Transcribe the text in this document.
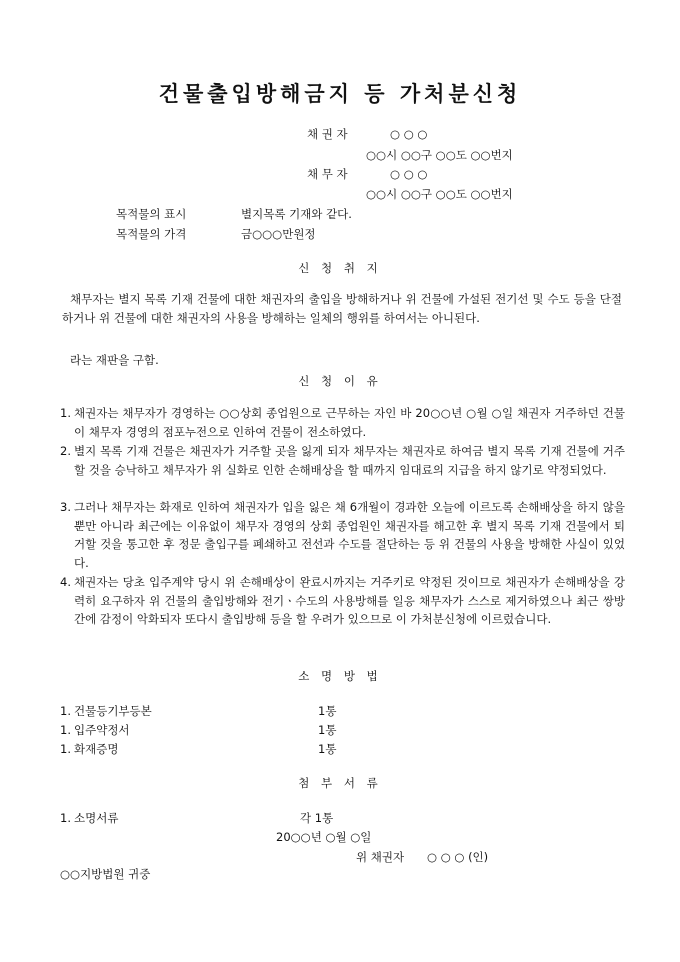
건물출입방해금지 등 가처분신청
채 권 자	○ ○ ○
○○시 ○○구 ○○도 ○○번지
채 무 자	○ ○ ○
○○시 ○○구 ○○도 ○○번지
목적물의 표시	별지목록 기재와 같다.
목적물의 가격	금○○○만원정
신 청 취 지
채무자는 별지 목록 기재 건물에 대한 채권자의 출입을 방해하거나 위 건물에 가설된 전기선 및 수도 등을 단절하거나 위 건물에 대한 채권자의 사용을 방해하는 일체의 행위를 하여서는 아니된다.
라는 재판을 구함.
신 청 이 유
1. 채권자는 채무자가 경영하는 ○○상회 종업원으로 근무하는 자인 바 20○○년 ○월 ○일 채권자 거주하던 건물이 채무자 경영의 점포누전으로 인하여 건물이 전소하였다.
2. 별지 목록 기재 건물은 채권자가 거주할 곳을 잃게 되자 채무자는 채권자로 하여금 별지 목록 기재 건물에 거주할 것을 승낙하고 채무자가 위 실화로 인한 손해배상을 할 때까지 임대료의 지급을 하지 않기로 약정되었다.
3. 그러나 채무자는 화재로 인하여 채권자가 입을 잃은 채 6개월이 경과한 오늘에 이르도록 손해배상을 하지 않을 뿐만 아니라 최근에는 이유없이 채무자 경영의 상회 종업원인 채권자를 해고한 후 별지 목록 기재 건물에서 퇴거할 것을 통고한 후 정문 출입구를 폐쇄하고 전선과 수도를 절단하는 등 위 건물의 사용을 방해한 사실이 있었다.
4. 채권자는 당초 입주계약 당시 위 손해배상이 완료시까지는 거주키로 약정된 것이므로 채권자가 손해배상을 강력히 요구하자 위 건물의 출입방해와 전기ㆍ수도의 사용방해를 일응 채무자가 스스로 제거하였으나 최근 쌍방간에 감정이 악화되자 또다시 출입방해 등을 할 우려가 있으므로 이 가처분신청에 이르렀습니다.
소 명 방 법
1. 건물등기부등본	1통
1. 입주약정서	1통
1. 화재증명	1통
첨 부 서 류
1. 소명서류	각 1통
20○○년 ○월 ○일
위 채권자 ○ ○ ○ (인)
○○지방법원 귀중
